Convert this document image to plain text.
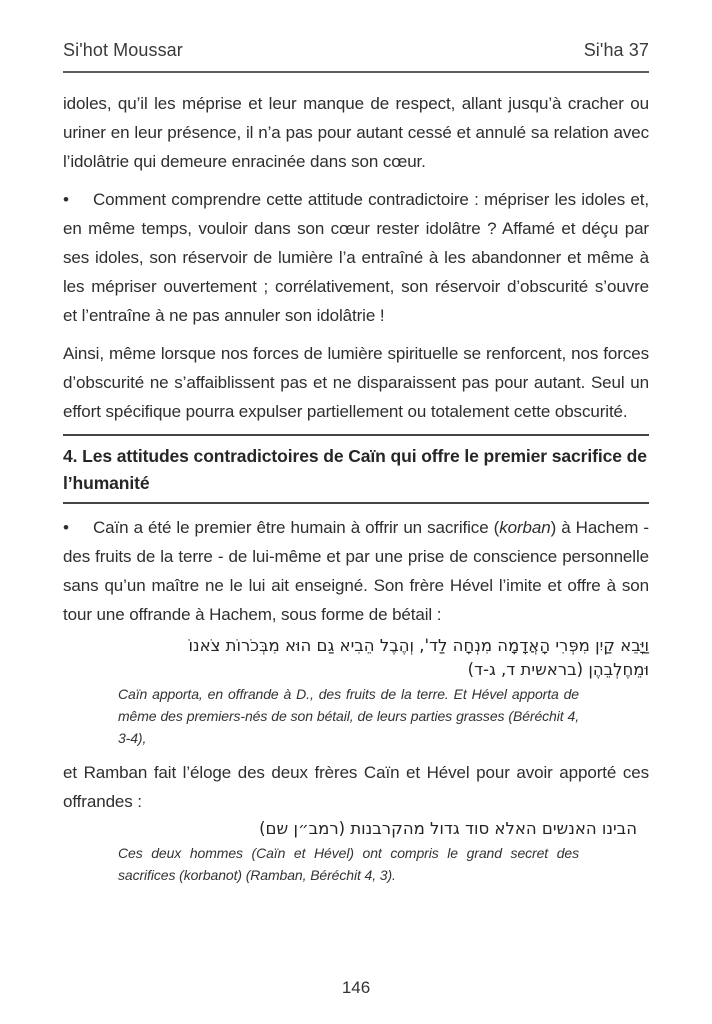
Si'hot Moussar	Si'ha 37

idoles, qu’il les méprise et leur manque de respect, allant jusqu’à cracher ou uriner en leur présence, il n’a pas pour autant cessé et annulé sa relation avec l’idolâtrie qui demeure enracinée dans son cœur.

• Comment comprendre cette attitude contradictoire : mépriser les idoles et, en même temps, vouloir dans son cœur rester idolâtre ? Affamé et déçu par ses idoles, son réservoir de lumière l’a entraîné à les abandonner et même à les mépriser ouvertement ; corrélativement, son réservoir d’obscurité s’ouvre et l’entraîne à ne pas annuler son idolâtrie !

Ainsi, même lorsque nos forces de lumière spirituelle se renforcent, nos forces d’obscurité ne s’affaiblissent pas et ne disparaissent pas pour autant. Seul un effort spécifique pourra expulser partiellement ou totalement cette obscurité.

4. Les attitudes contradictoires de Caïn qui offre le premier sacrifice de l’humanité

• Caïn a été le premier être humain à offrir un sacrifice (korban) à Hachem - des fruits de la terre - de lui-même et par une prise de conscience personnelle sans qu’un maître ne le lui ait enseigné. Son frère Hével l’imite et offre à son tour une offrande à Hachem, sous forme de bétail :

וַיָּבֵא קַיִן מִפְּרִי הָאֲדָמָה מִנְחָה לַד', וְהֶבֶל הֵבִיא גַם הוּא מִבְּכֹרוֹת צֹאנוֹ
וּמֵחֶלְבֵהֶן (בראשית ד, ג-ד)

Caïn apporta, en offrande à D., des fruits de la terre. Et Hével apporta de même des premiers-nés de son bétail, de leurs parties grasses (Béréchit 4, 3-4),

et Ramban fait l’éloge des deux frères Caïn et Hével pour avoir apporté ces offrandes :

הבינו האנשים האלא סוד גדול מהקרבנות (רמב״ן שם)

Ces deux hommes (Caïn et Hével) ont compris le grand secret des sacrifices (korbanot) (Ramban, Béréchit 4, 3).

146
